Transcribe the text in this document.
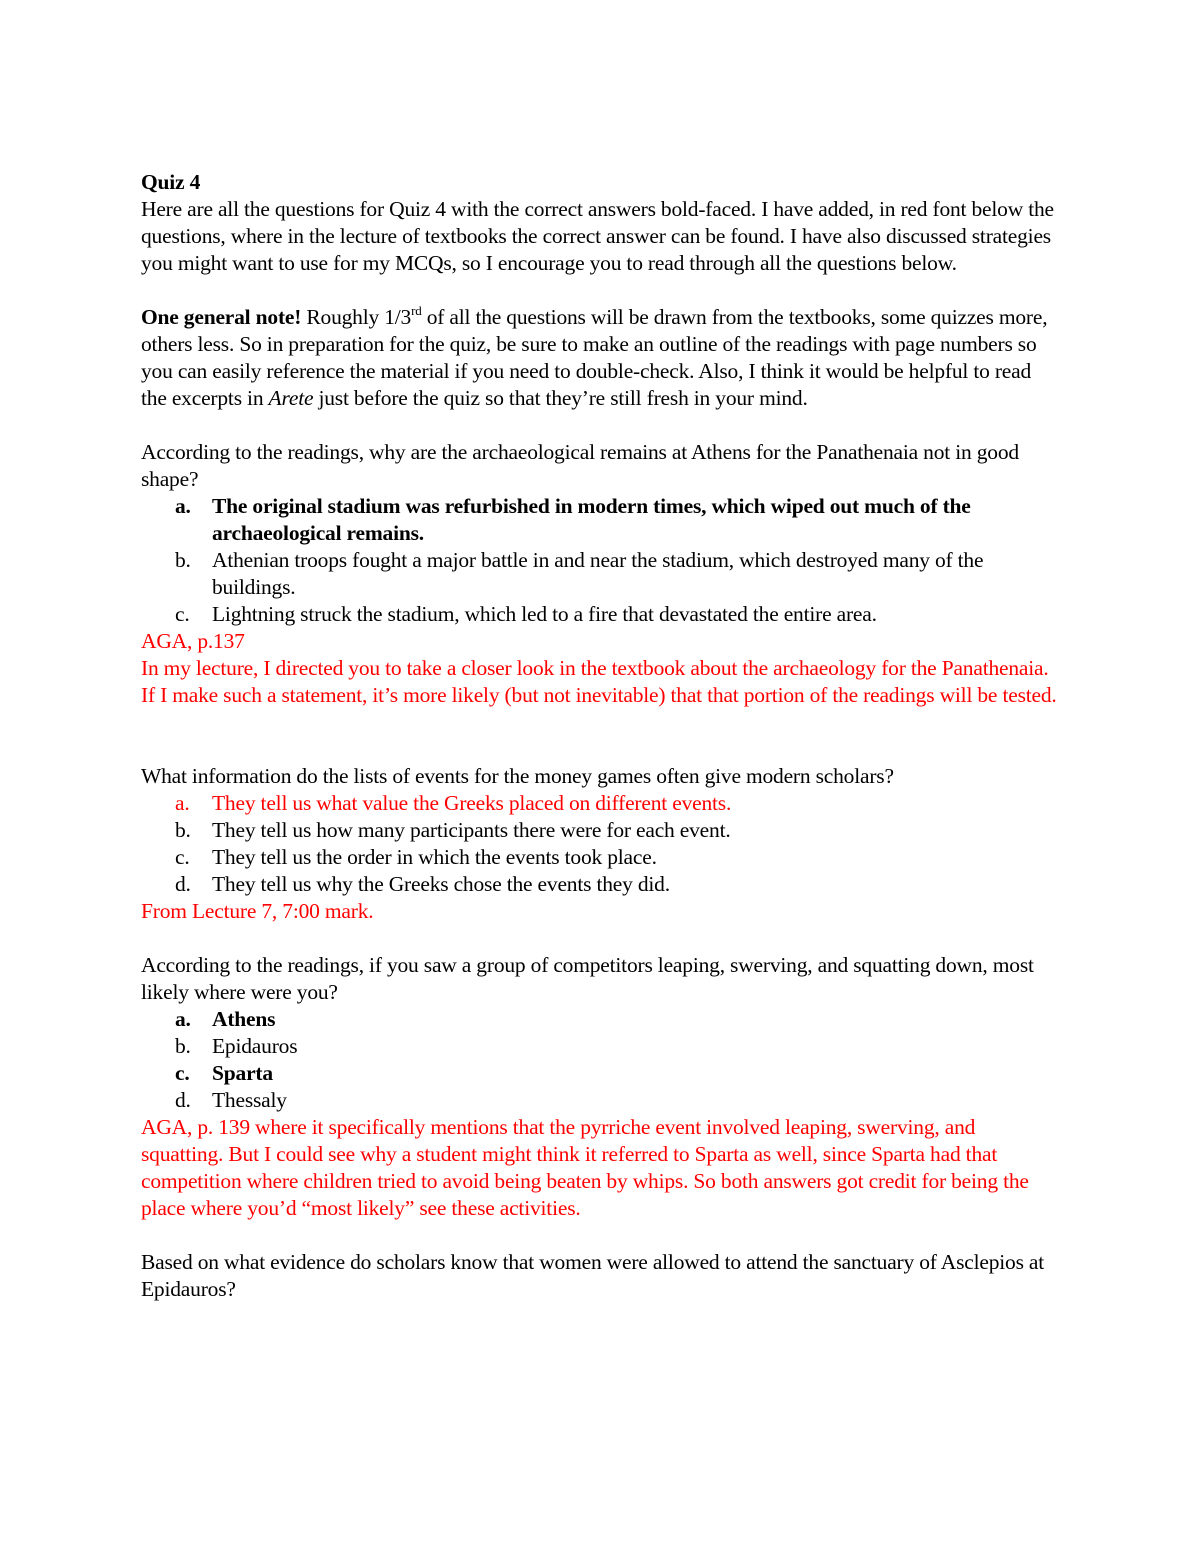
Quiz 4

Here are all the questions for Quiz 4 with the correct answers bold-faced. I have added, in red font below the questions, where in the lecture of textbooks the correct answer can be found. I have also discussed strategies you might want to use for my MCQs, so I encourage you to read through all the questions below.

One general note! Roughly 1/3rd of all the questions will be drawn from the textbooks, some quizzes more, others less. So in preparation for the quiz, be sure to make an outline of the readings with page numbers so you can easily reference the material if you need to double-check. Also, I think it would be helpful to read the excerpts in Arete just before the quiz so that they’re still fresh in your mind.

According to the readings, why are the archaeological remains at Athens for the Panathenaia not in good shape?

a. The original stadium was refurbished in modern times, which wiped out much of the archaeological remains.
b. Athenian troops fought a major battle in and near the stadium, which destroyed many of the buildings.
c. Lightning struck the stadium, which led to a fire that devastated the entire area.

AGA, p.137

In my lecture, I directed you to take a closer look in the textbook about the archaeology for the Panathenaia. If I make such a statement, it’s more likely (but not inevitable) that that portion of the readings will be tested.

What information do the lists of events for the money games often give modern scholars?

a. They tell us what value the Greeks placed on different events.
b. They tell us how many participants there were for each event.
c. They tell us the order in which the events took place.
d. They tell us why the Greeks chose the events they did.

From Lecture 7, 7:00 mark.

According to the readings, if you saw a group of competitors leaping, swerving, and squatting down, most likely where were you?

a. Athens
b. Epidauros
c. Sparta
d. Thessaly

AGA, p. 139 where it specifically mentions that the pyrriche event involved leaping, swerving, and squatting. But I could see why a student might think it referred to Sparta as well, since Sparta had that competition where children tried to avoid being beaten by whips. So both answers got credit for being the place where you’d “most likely” see these activities.

Based on what evidence do scholars know that women were allowed to attend the sanctuary of Asclepios at Epidauros?
